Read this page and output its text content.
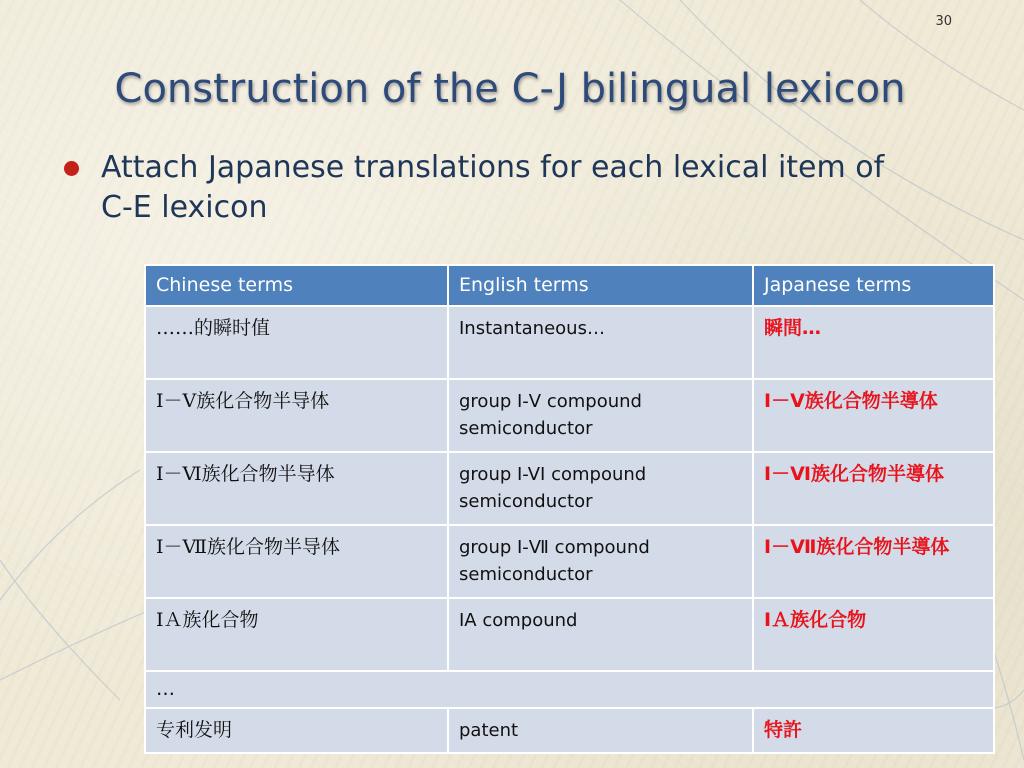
30
Construction of the C-J bilingual lexicon
Attach Japanese translations for each lexical item of C-E lexicon
Chinese terms	English terms	Japanese terms
……的瞬时值	Instantaneous…	瞬間…
Ⅰ－Ⅴ族化合物半导体	group Ⅰ-Ⅴ compound semiconductor	Ⅰ－Ⅴ族化合物半導体
Ⅰ－Ⅵ族化合物半导体	group I-VI compound semiconductor	Ⅰ－Ⅵ族化合物半導体
Ⅰ－Ⅶ族化合物半导体	group Ⅰ-Ⅶ compound semiconductor	Ⅰ－Ⅶ族化合物半導体
ⅠＡ族化合物	ⅠA compound	ⅠＡ族化合物
…		
专利发明	patent	特許
